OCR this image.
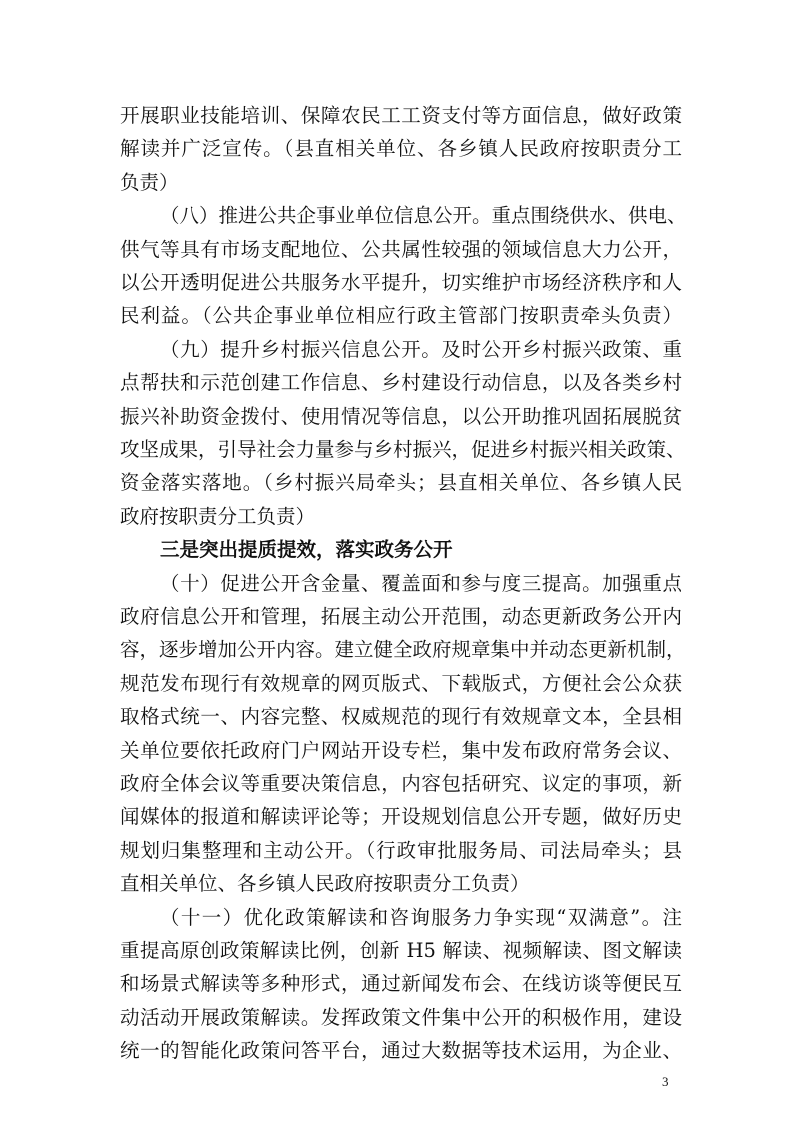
开展职业技能培训、保障农民工工资支付等方面信息，做好政策
解读并广泛宣传。（县直相关单位、各乡镇人民政府按职责分工
负责）
（八）推进公共企事业单位信息公开。重点围绕供水、供电、
供气等具有市场支配地位、公共属性较强的领域信息大力公开，
以公开透明促进公共服务水平提升，切实维护市场经济秩序和人
民利益。（公共企事业单位相应行政主管部门按职责牵头负责）
（九）提升乡村振兴信息公开。及时公开乡村振兴政策、重
点帮扶和示范创建工作信息、乡村建设行动信息，以及各类乡村
振兴补助资金拨付、使用情况等信息，以公开助推巩固拓展脱贫
攻坚成果，引导社会力量参与乡村振兴，促进乡村振兴相关政策、
资金落实落地。（乡村振兴局牵头；县直相关单位、各乡镇人民
政府按职责分工负责）
三是突出提质提效，落实政务公开
（十）促进公开含金量、覆盖面和参与度三提高。加强重点
政府信息公开和管理，拓展主动公开范围，动态更新政务公开内
容，逐步增加公开内容。建立健全政府规章集中并动态更新机制，
规范发布现行有效规章的网页版式、下载版式，方便社会公众获
取格式统一、内容完整、权威规范的现行有效规章文本，全县相
关单位要依托政府门户网站开设专栏，集中发布政府常务会议、
政府全体会议等重要决策信息，内容包括研究、议定的事项，新
闻媒体的报道和解读评论等；开设规划信息公开专题，做好历史
规划归集整理和主动公开。（行政审批服务局、司法局牵头；县
直相关单位、各乡镇人民政府按职责分工负责）
（十一）优化政策解读和咨询服务力争实现“双满意”。注
重提高原创政策解读比例，创新 H5 解读、视频解读、图文解读
和场景式解读等多种形式，通过新闻发布会、在线访谈等便民互
动活动开展政策解读。发挥政策文件集中公开的积极作用，建设
统一的智能化政策问答平台，通过大数据等技术运用，为企业、
3
